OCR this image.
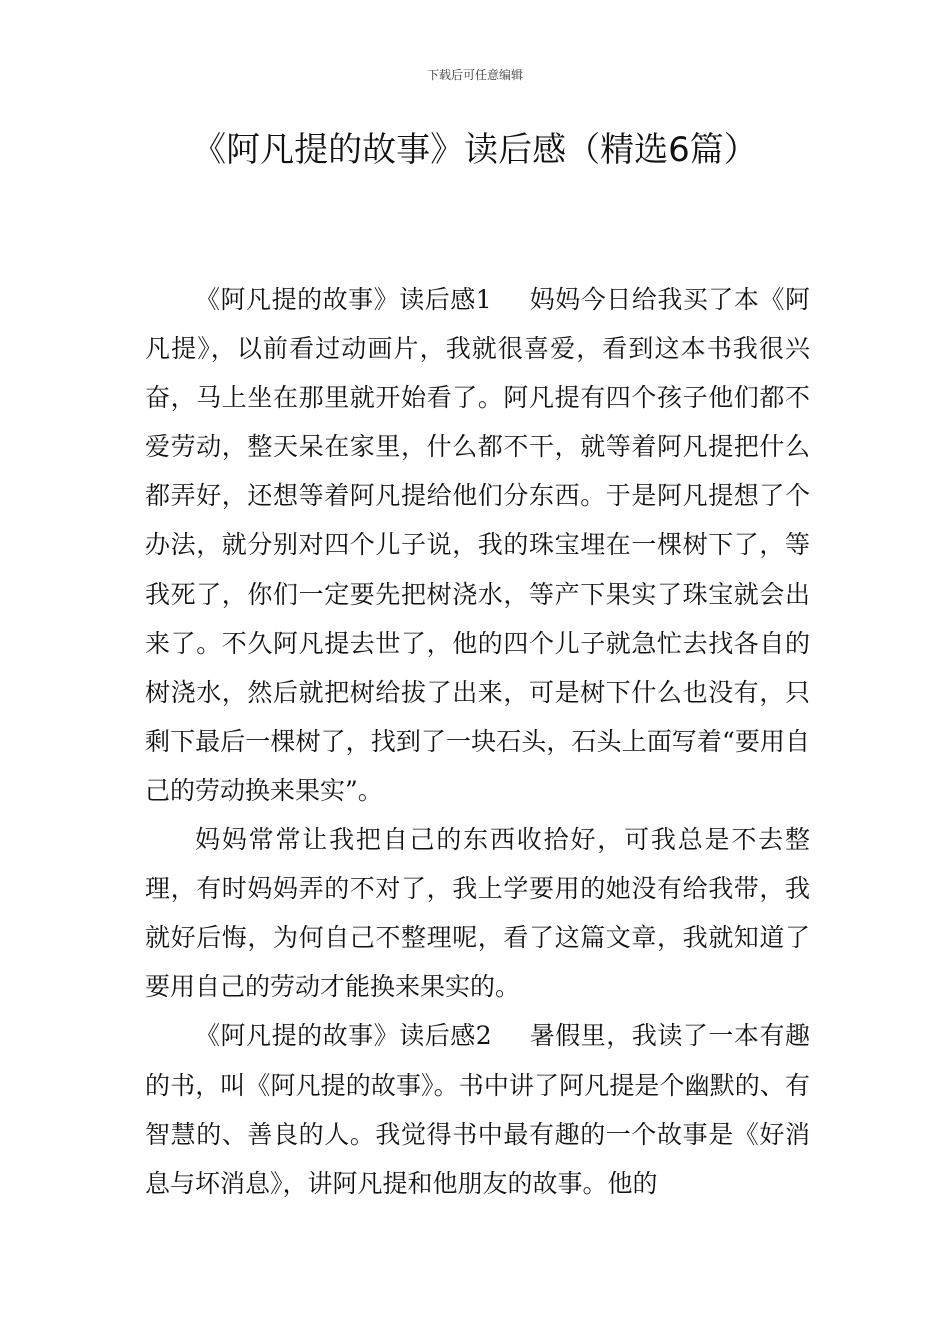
下载后可任意编辑
《阿凡提的故事》读后感（精选6篇）

《阿凡提的故事》读后感1 妈妈今日给我买了本《阿凡提》，以前看过动画片，我就很喜爱，看到这本书我很兴奋，马上坐在那里就开始看了。阿凡提有四个孩子他们都不爱劳动，整天呆在家里，什么都不干，就等着阿凡提把什么都弄好，还想等着阿凡提给他们分东西。于是阿凡提想了个办法，就分别对四个儿子说，我的珠宝埋在一棵树下了，等我死了，你们一定要先把树浇水，等产下果实了珠宝就会出来了。不久阿凡提去世了，他的四个儿子就急忙去找各自的树浇水，然后就把树给拔了出来，可是树下什么也没有，只剩下最后一棵树了，找到了一块石头，石头上面写着“要用自己的劳动换来果实”。

妈妈常常让我把自己的东西收拾好，可我总是不去整理，有时妈妈弄的不对了，我上学要用的她没有给我带，我就好后悔，为何自己不整理呢，看了这篇文章，我就知道了要用自己的劳动才能换来果实的。

《阿凡提的故事》读后感2 暑假里，我读了一本有趣的书，叫《阿凡提的故事》。书中讲了阿凡提是个幽默的、有智慧的、善良的人。我觉得书中最有趣的一个故事是《好消息与坏消息》，讲阿凡提和他朋友的故事。他的
